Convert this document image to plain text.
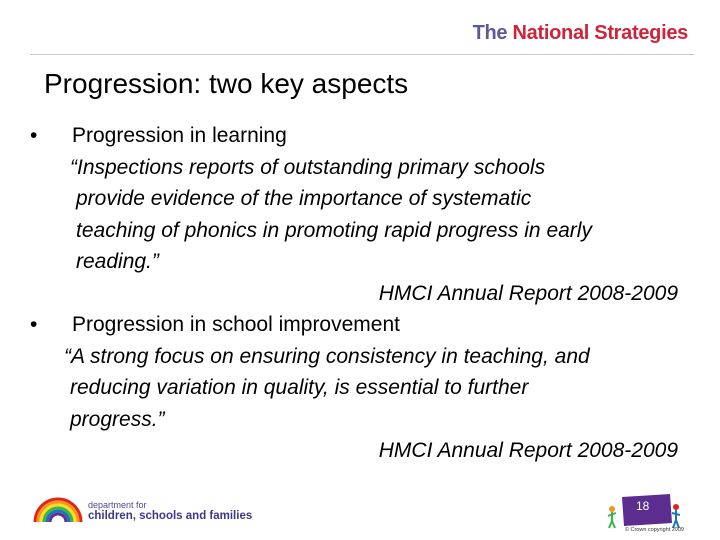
The National Strategies
Progression: two key aspects
• Progression in learning
“Inspections reports of outstanding primary schools
provide evidence of the importance of systematic
teaching of phonics in promoting rapid progress in early
reading.”
HMCI Annual Report 2008-2009
• Progression in school improvement
“A strong focus on ensuring consistency in teaching, and
reducing variation in quality, is essential to further
progress.”
HMCI Annual Report 2008-2009
department for
children, schools and families
18
© Crown copyright 2009
